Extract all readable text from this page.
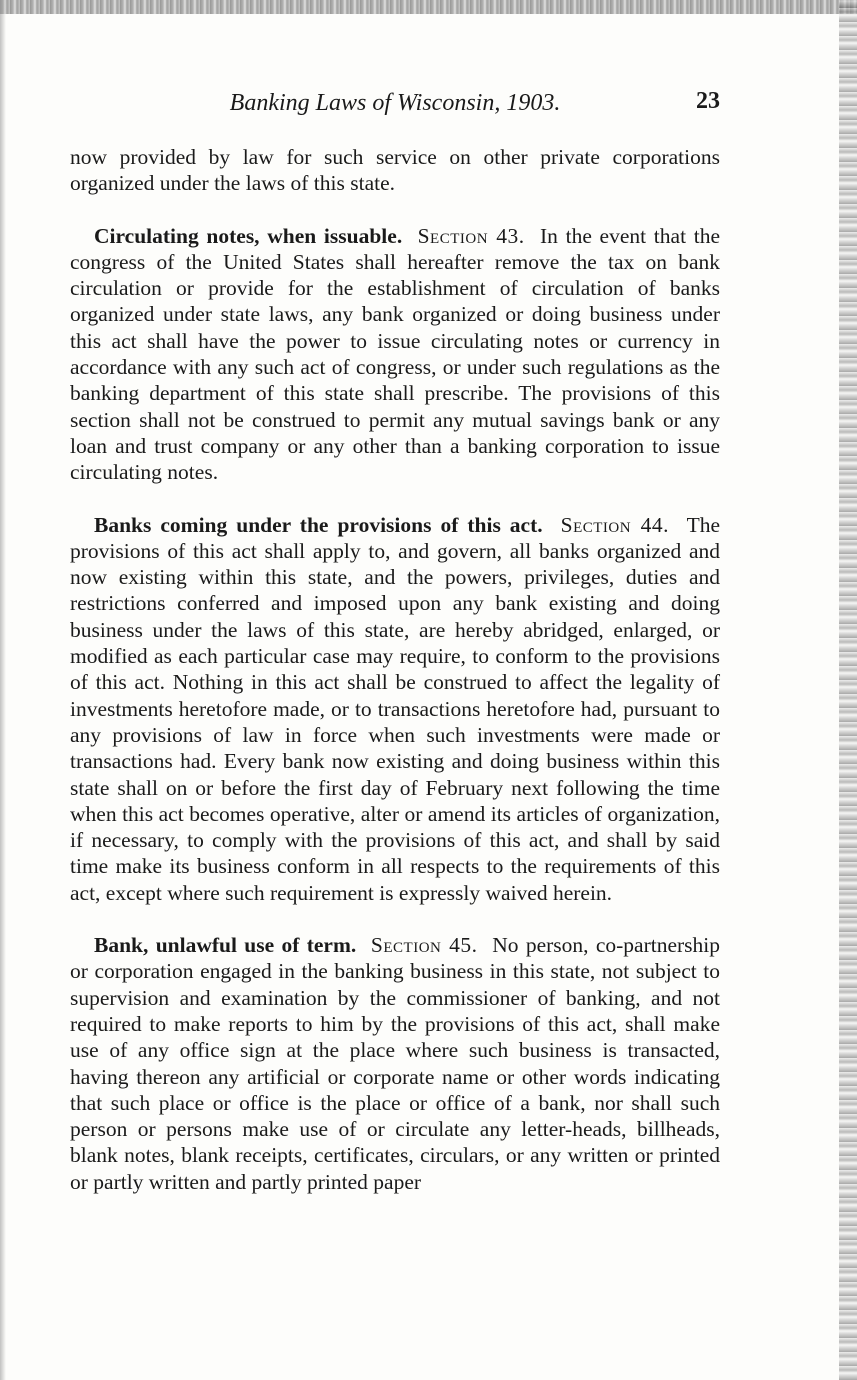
Banking Laws of Wisconsin, 1903.	23

now provided by law for such service on other private corporations organized under the laws of this state.

Circulating notes, when issuable. Section 43. In the event that the congress of the United States shall hereafter remove the tax on bank circulation or provide for the establishment of circulation of banks organized under state laws, any bank organized or doing business under this act shall have the power to issue circulating notes or currency in accordance with any such act of congress, or under such regulations as the banking department of this state shall prescribe. The provisions of this section shall not be construed to permit any mutual savings bank or any loan and trust company or any other than a banking corporation to issue circulating notes.

Banks coming under the provisions of this act. Section 44. The provisions of this act shall apply to, and govern, all banks organized and now existing within this state, and the powers, privileges, duties and restrictions conferred and imposed upon any bank existing and doing business under the laws of this state, are hereby abridged, enlarged, or modified as each particular case may require, to conform to the provisions of this act. Nothing in this act shall be construed to affect the legality of investments heretofore made, or to transactions heretofore had, pursuant to any provisions of law in force when such investments were made or transactions had. Every bank now existing and doing business within this state shall on or before the first day of February next following the time when this act becomes operative, alter or amend its articles of organization, if necessary, to comply with the provisions of this act, and shall by said time make its business conform in all respects to the requirements of this act, except where such requirement is expressly waived herein.

Bank, unlawful use of term. Section 45. No person, co-partnership or corporation engaged in the banking business in this state, not subject to supervision and examination by the commissioner of banking, and not required to make reports to him by the provisions of this act, shall make use of any office sign at the place where such business is transacted, having thereon any artificial or corporate name or other words indicating that such place or office is the place or office of a bank, nor shall such person or persons make use of or circulate any letter-heads, billheads, blank notes, blank receipts, certificates, circulars, or any written or printed or partly written and partly printed paper
